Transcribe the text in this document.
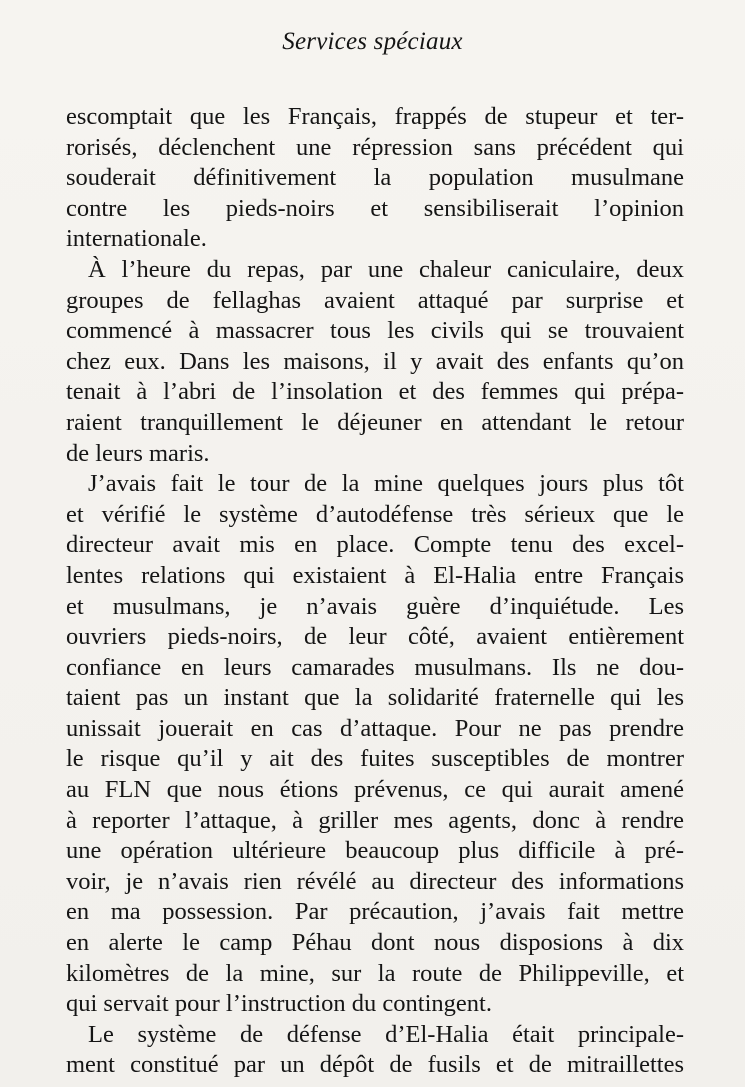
Services spéciaux
escomptait que les Français, frappés de stupeur et ter-
rorisés, déclenchent une répression sans précédent qui
souderait définitivement la population musulmane
contre les pieds-noirs et sensibiliserait l’opinion
internationale.
À l’heure du repas, par une chaleur caniculaire, deux
groupes de fellaghas avaient attaqué par surprise et
commencé à massacrer tous les civils qui se trouvaient
chez eux. Dans les maisons, il y avait des enfants qu’on
tenait à l’abri de l’insolation et des femmes qui prépa-
raient tranquillement le déjeuner en attendant le retour
de leurs maris.
J’avais fait le tour de la mine quelques jours plus tôt
et vérifié le système d’autodéfense très sérieux que le
directeur avait mis en place. Compte tenu des excel-
lentes relations qui existaient à El-Halia entre Français
et musulmans, je n’avais guère d’inquiétude. Les
ouvriers pieds-noirs, de leur côté, avaient entièrement
confiance en leurs camarades musulmans. Ils ne dou-
taient pas un instant que la solidarité fraternelle qui les
unissait jouerait en cas d’attaque. Pour ne pas prendre
le risque qu’il y ait des fuites susceptibles de montrer
au FLN que nous étions prévenus, ce qui aurait amené
à reporter l’attaque, à griller mes agents, donc à rendre
une opération ultérieure beaucoup plus difficile à pré-
voir, je n’avais rien révélé au directeur des informations
en ma possession. Par précaution, j’avais fait mettre
en alerte le camp Péhau dont nous disposions à dix
kilomètres de la mine, sur la route de Philippeville, et
qui servait pour l’instruction du contingent.
Le système de défense d’El-Halia était principale-
ment constitué par un dépôt de fusils et de mitraillettes
